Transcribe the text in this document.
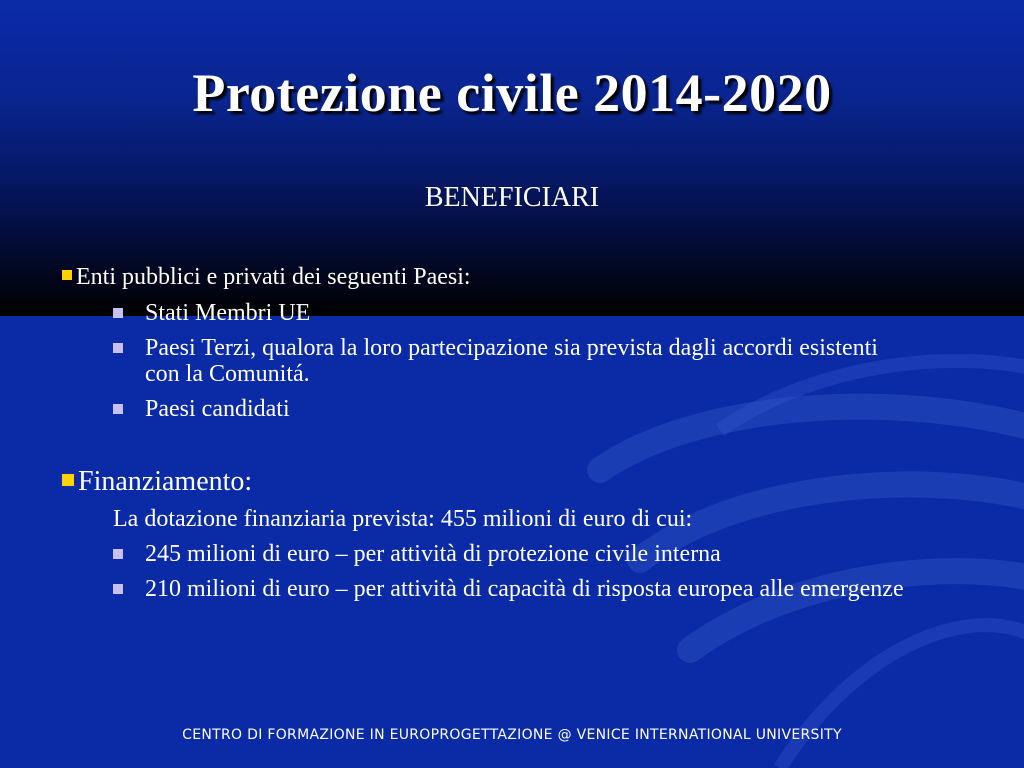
Protezione civile 2014-2020
BENEFICIARI
Enti pubblici e privati dei seguenti Paesi:
Stati Membri UE
Paesi Terzi, qualora la loro partecipazione sia prevista dagli accordi esistenti con la Comunitá.
Paesi candidati
Finanziamento:
La dotazione finanziaria prevista: 455 milioni di euro di cui:
245 milioni di euro – per attività di protezione civile interna
210 milioni di euro – per attività di capacità di risposta europea alle emergenze
CENTRO DI FORMAZIONE IN EUROPROGETTAZIONE @ VENICE INTERNATIONAL UNIVERSITY
